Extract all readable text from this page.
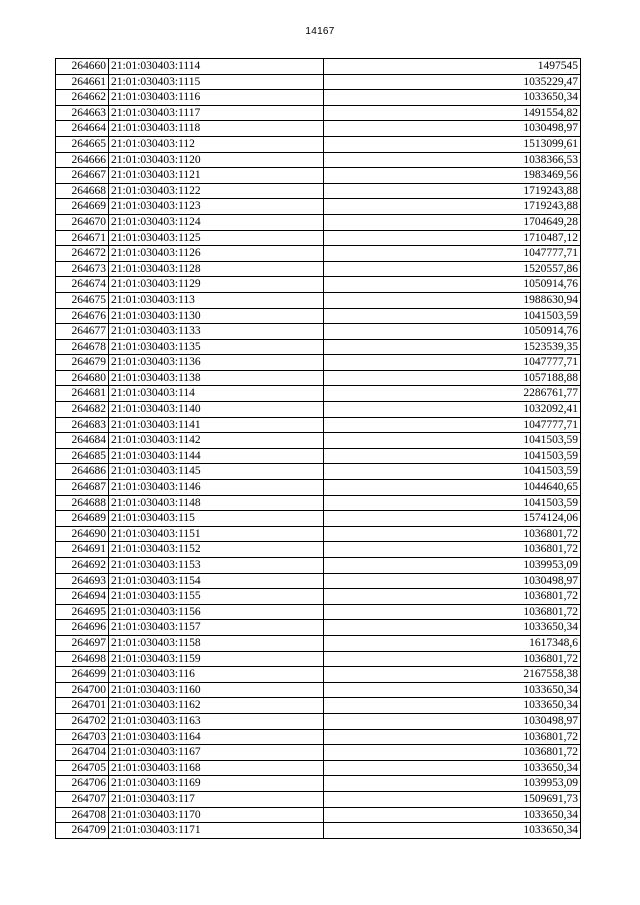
14167
264660	21:01:030403:1114	1497545
264661	21:01:030403:1115	1035229,47
264662	21:01:030403:1116	1033650,34
264663	21:01:030403:1117	1491554,82
264664	21:01:030403:1118	1030498,97
264665	21:01:030403:112	1513099,61
264666	21:01:030403:1120	1038366,53
264667	21:01:030403:1121	1983469,56
264668	21:01:030403:1122	1719243,88
264669	21:01:030403:1123	1719243,88
264670	21:01:030403:1124	1704649,28
264671	21:01:030403:1125	1710487,12
264672	21:01:030403:1126	1047777,71
264673	21:01:030403:1128	1520557,86
264674	21:01:030403:1129	1050914,76
264675	21:01:030403:113	1988630,94
264676	21:01:030403:1130	1041503,59
264677	21:01:030403:1133	1050914,76
264678	21:01:030403:1135	1523539,35
264679	21:01:030403:1136	1047777,71
264680	21:01:030403:1138	1057188,88
264681	21:01:030403:114	2286761,77
264682	21:01:030403:1140	1032092,41
264683	21:01:030403:1141	1047777,71
264684	21:01:030403:1142	1041503,59
264685	21:01:030403:1144	1041503,59
264686	21:01:030403:1145	1041503,59
264687	21:01:030403:1146	1044640,65
264688	21:01:030403:1148	1041503,59
264689	21:01:030403:115	1574124,06
264690	21:01:030403:1151	1036801,72
264691	21:01:030403:1152	1036801,72
264692	21:01:030403:1153	1039953,09
264693	21:01:030403:1154	1030498,97
264694	21:01:030403:1155	1036801,72
264695	21:01:030403:1156	1036801,72
264696	21:01:030403:1157	1033650,34
264697	21:01:030403:1158	1617348,6
264698	21:01:030403:1159	1036801,72
264699	21:01:030403:116	2167558,38
264700	21:01:030403:1160	1033650,34
264701	21:01:030403:1162	1033650,34
264702	21:01:030403:1163	1030498,97
264703	21:01:030403:1164	1036801,72
264704	21:01:030403:1167	1036801,72
264705	21:01:030403:1168	1033650,34
264706	21:01:030403:1169	1039953,09
264707	21:01:030403:117	1509691,73
264708	21:01:030403:1170	1033650,34
264709	21:01:030403:1171	1033650,34
